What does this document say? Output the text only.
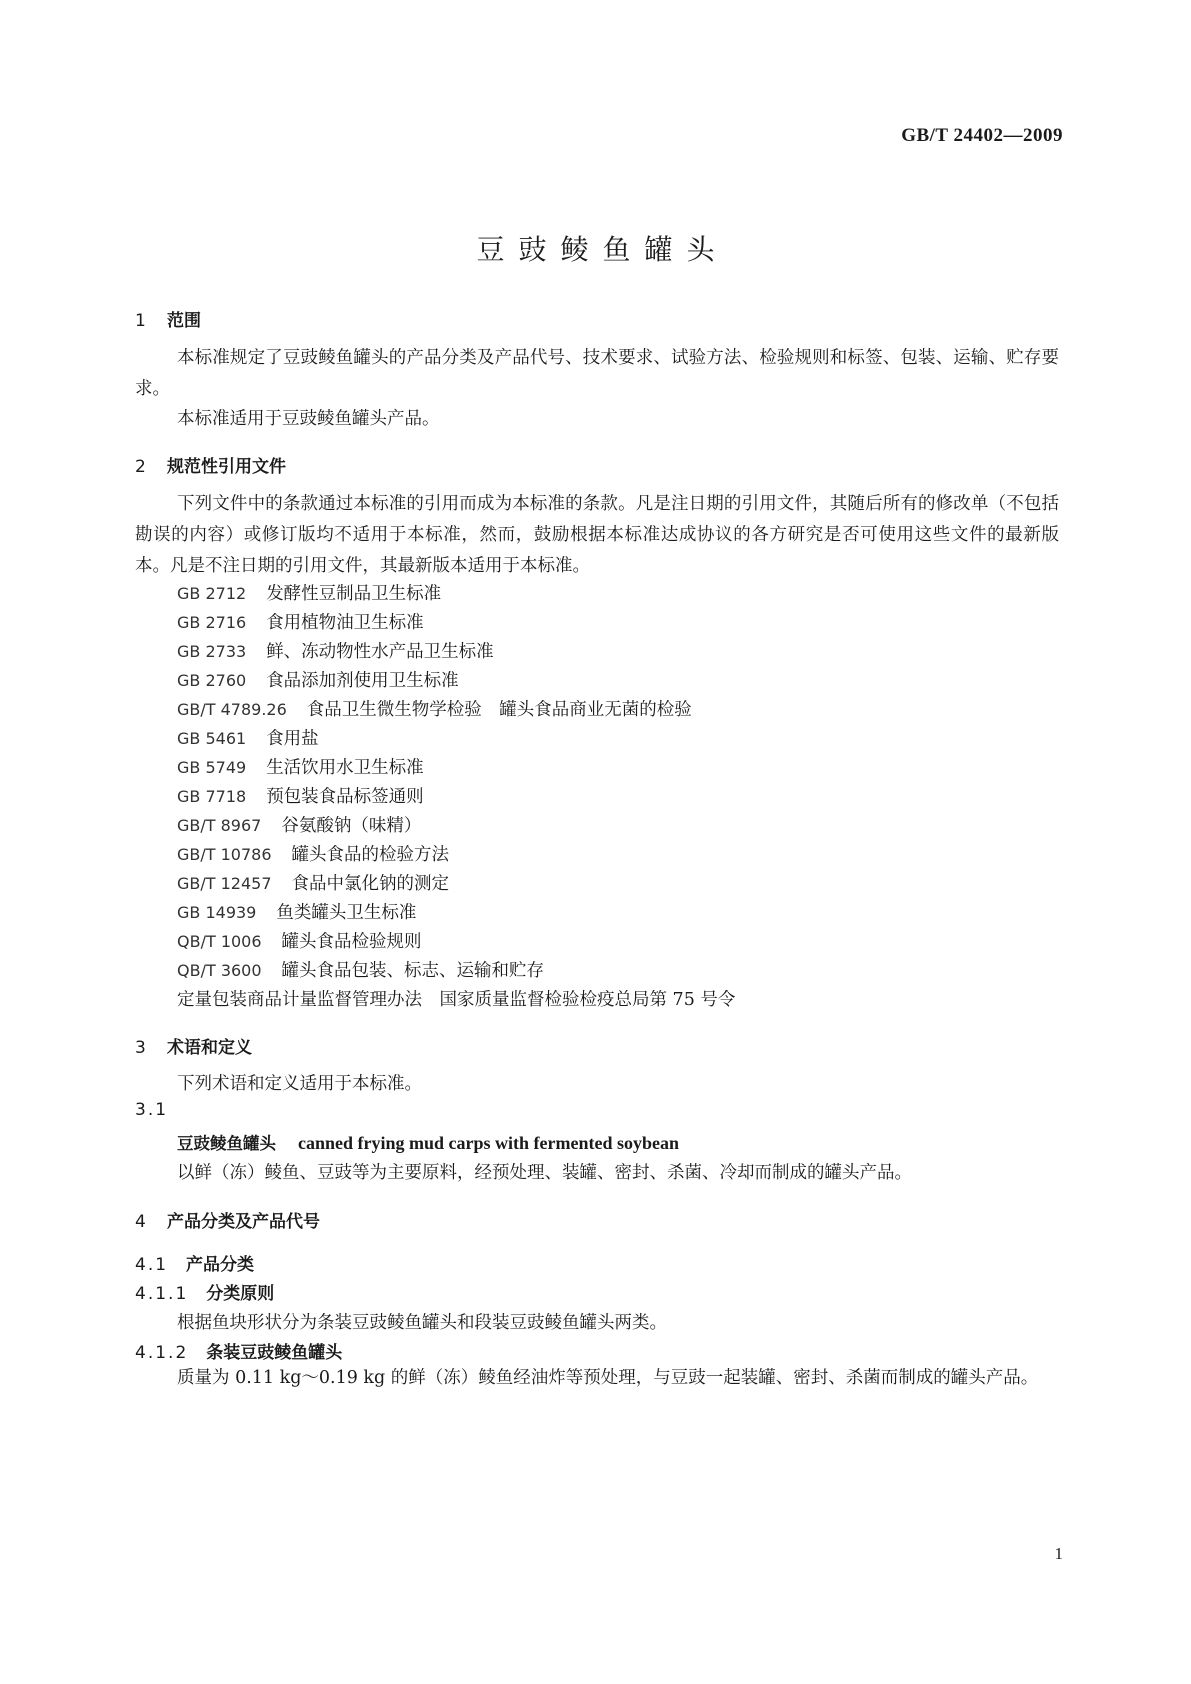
GB/T 24402—2009
豆豉鲮鱼罐头
1 范围
本标准规定了豆豉鲮鱼罐头的产品分类及产品代号、技术要求、试验方法、检验规则和标签、包装、运输、贮存要求。
本标准适用于豆豉鲮鱼罐头产品。
2 规范性引用文件
下列文件中的条款通过本标准的引用而成为本标准的条款。凡是注日期的引用文件，其随后所有的修改单（不包括勘误的内容）或修订版均不适用于本标准，然而，鼓励根据本标准达成协议的各方研究是否可使用这些文件的最新版本。凡是不注日期的引用文件，其最新版本适用于本标准。
GB 2712 发酵性豆制品卫生标准
GB 2716 食用植物油卫生标准
GB 2733 鲜、冻动物性水产品卫生标准
GB 2760 食品添加剂使用卫生标准
GB/T 4789.26 食品卫生微生物学检验　罐头食品商业无菌的检验
GB 5461 食用盐
GB 5749 生活饮用水卫生标准
GB 7718 预包装食品标签通则
GB/T 8967 谷氨酸钠（味精）
GB/T 10786 罐头食品的检验方法
GB/T 12457 食品中氯化钠的测定
GB 14939 鱼类罐头卫生标准
QB/T 1006 罐头食品检验规则
QB/T 3600 罐头食品包装、标志、运输和贮存
定量包装商品计量监督管理办法　国家质量监督检验检疫总局第 75 号令
3 术语和定义
下列术语和定义适用于本标准。
3.1
豆豉鲮鱼罐头 canned frying mud carps with fermented soybean
以鲜（冻）鲮鱼、豆豉等为主要原料，经预处理、装罐、密封、杀菌、冷却而制成的罐头产品。
4 产品分类及产品代号
4.1 产品分类
4.1.1 分类原则
根据鱼块形状分为条装豆豉鲮鱼罐头和段装豆豉鲮鱼罐头两类。
4.1.2 条装豆豉鲮鱼罐头
质量为 0.11 kg～0.19 kg 的鲜（冻）鲮鱼经油炸等预处理，与豆豉一起装罐、密封、杀菌而制成的罐头产品。
1
